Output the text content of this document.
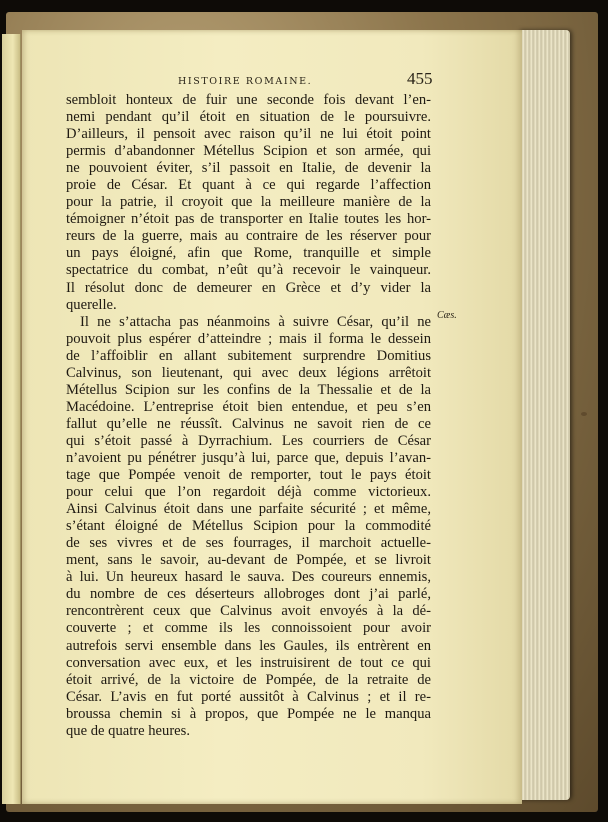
HISTOIRE ROMAINE.	455
sembloit honteux de fuir une seconde fois devant l’en-
nemi pendant qu’il étoit en situation de le poursuivre.
D’ailleurs, il pensoit avec raison qu’il ne lui étoit point
permis d’abandonner Métellus Scipion et son armée, qui
ne pouvoient éviter, s’il passoit en Italie, de devenir la
proie de César. Et quant à ce qui regarde l’affection
pour la patrie, il croyoit que la meilleure manière de la
témoigner n’étoit pas de transporter en Italie toutes les hor-
reurs de la guerre, mais au contraire de les réserver pour
un pays éloigné, afin que Rome, tranquille et simple
spectatrice du combat, n’eût qu’à recevoir le vainqueur.
Il résolut donc de demeurer en Grèce et d’y vider la
querelle.
Il ne s’attacha pas néanmoins à suivre César, qu’il ne
pouvoit plus espérer d’atteindre ; mais il forma le dessein
de l’affoiblir en allant subitement surprendre Domitius
Calvinus, son lieutenant, qui avec deux légions arrêtoit
Métellus Scipion sur les confins de la Thessalie et de la
Macédoine. L’entreprise étoit bien entendue, et peu s’en
fallut qu’elle ne réussît. Calvinus ne savoit rien de ce
qui s’étoit passé à Dyrrachium. Les courriers de César
n’avoient pu pénétrer jusqu’à lui, parce que, depuis l’avan-
tage que Pompée venoit de remporter, tout le pays étoit
pour celui que l’on regardoit déjà comme victorieux.
Ainsi Calvinus étoit dans une parfaite sécurité ; et même,
s’étant éloigné de Métellus Scipion pour la commodité
de ses vivres et de ses fourrages, il marchoit actuelle-
ment, sans le savoir, au-devant de Pompée, et se livroit
à lui. Un heureux hasard le sauva. Des coureurs ennemis,
du nombre de ces déserteurs allobroges dont j’ai parlé,
rencontrèrent ceux que Calvinus avoit envoyés à la dé-
couverte ; et comme ils les connoissoient pour avoir
autrefois servi ensemble dans les Gaules, ils entrèrent en
conversation avec eux, et les instruisirent de tout ce qui
étoit arrivé, de la victoire de Pompée, de la retraite de
César. L’avis en fut porté aussitôt à Calvinus ; et il re-
broussa chemin si à propos, que Pompée ne le manqua
que de quatre heures.
Cæs.
